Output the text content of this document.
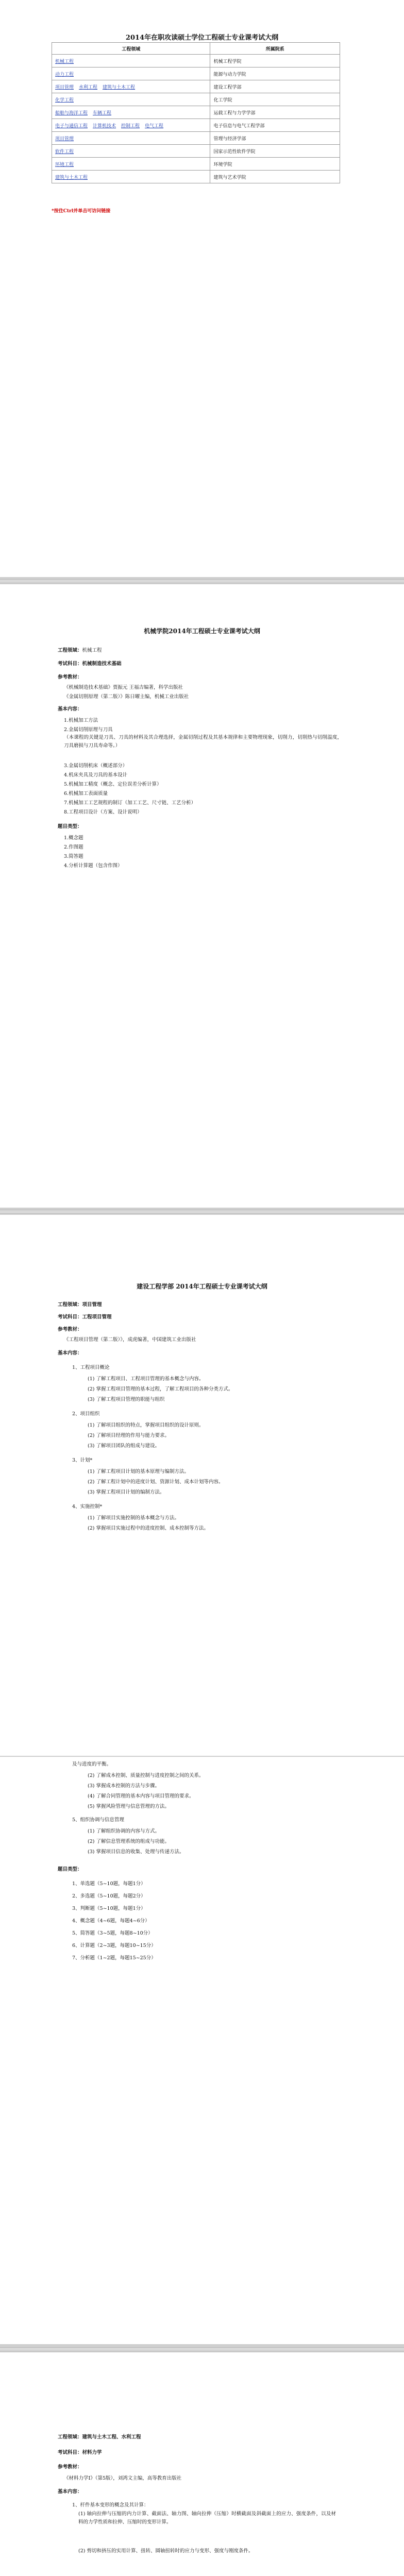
2014年在职攻读硕士学位工程硕士专业课考试大纲
工程领域	所属院系
机械工程	机械工程学院
动力工程	能源与动力学院
项目管理 水利工程 建筑与土木工程	建设工程学部
化学工程	化工学院
船舶与海洋工程 车辆工程	运载工程与力学学部
电子与通信工程 计算机技术 控制工程 电气工程	电子信息与电气工程学部
项目管理	管理与经济学部
软件工程	国家示范性软件学院
环境工程	环境学院
建筑与土木工程	建筑与艺术学院
*按住Ctrl并单击可访问链接
机械学院2014年工程硕士专业课考试大纲
工程领域：机械工程
考试科目：机械制造技术基础
参考教材：
《机械制造技术基础》贾振元 王福吉编著，科学出版社
《金属切削原理（第二版）》陈日曜主编，机械工业出版社
基本内容：
1.机械加工方法
2.金属切削原理与刀具
（本课程的关键是刀具、刀具的材料及其合理选择，金属切削过程及其基本规律和主要物理现象，切削力，切削热与切削温度，刀具磨损与刀具寿命等。）
3.金属切削机床（概述部分）
4.机床夹具及刀具的基本设计
5.机械加工精度（概念、定位误差分析计算）
6.机械加工表面质量
7.机械加工工艺规程的制订（加工工艺、尺寸链、工艺分析）
8.工程项目设计（方案、设计说明）
题目类型：
1.概念题
2.作图题
3.简答题
4.分析计算题（包含作图）
建设工程学部 2014年工程硕士专业课考试大纲
工程领域：项目管理
考试科目：工程项目管理
参考教材：
《工程项目管理（第二版）》，成虎编著，中国建筑工业出版社
基本内容：
1、工程项目概论
(1) 了解工程项目、工程项目管理的基本概念与内容。
(2) 掌握工程项目管理的基本过程，了解工程项目的各种分类方式。
(3) 了解工程项目管理的职能与组织
2、项目组织
(1) 了解项目组织的特点，掌握项目组织的设计原则。
(2) 了解项目经理的作用与能力要求。
(3) 了解项目团队的组成与建设。
3、计划*
(1) 了解工程项目计划的基本原理与编制方法。
(2) 了解工程计划中的进度计划、资源计划、成本计划等内容。
(3) 掌握工程项目计划的编制方法。
4、实施控制*
(1) 了解项目实施控制的基本概念与方法。
(2) 掌握项目实施过程中的进度控制、成本控制等方法。
及与进度的平衡。
(2) 了解成本控制、质量控制与进度控制之间的关系。
(3) 掌握成本控制的方法与步骤。
(4) 了解合同管理的基本内容与项目管理的要求。
(5) 掌握风险管理与信息管理的方法。
5、组织协调与信息管理
(1) 了解组织协调的内容与方式。
(2) 了解信息管理系统的组成与功能。
(3) 掌握项目信息的收集、处理与传递方法。
题目类型：
1、单选题（5~10题，每题1分）
2、多选题（5~10题，每题2分）
3、判断题（5~10题，每题1分）
4、概念题（4~6题，每题4~6分）
5、简答题（3~5题，每题8~10分）
6、计算题（2~3题，每题10~15分）
7、分析题（1~2题，每题15~25分）
工程领域：建筑与土木工程、水利工程
考试科目：材料力学
参考教材：
《材料力学Ⅰ》（第5版），刘鸿文主编，高等教育出版社
基本内容：
1、杆件基本变形的概念及其计算：
(1) 轴向拉伸与压缩的内力计算、截面法、轴力图、轴向拉伸（压缩）时横截面及斜截面上的应力、强度条件，以及材料的力学性质和拉伸、压缩时的变形计算。
(2) 剪切和挤压的实用计算、扭转、圆轴扭转时的应力与变形、强度与刚度条件。
